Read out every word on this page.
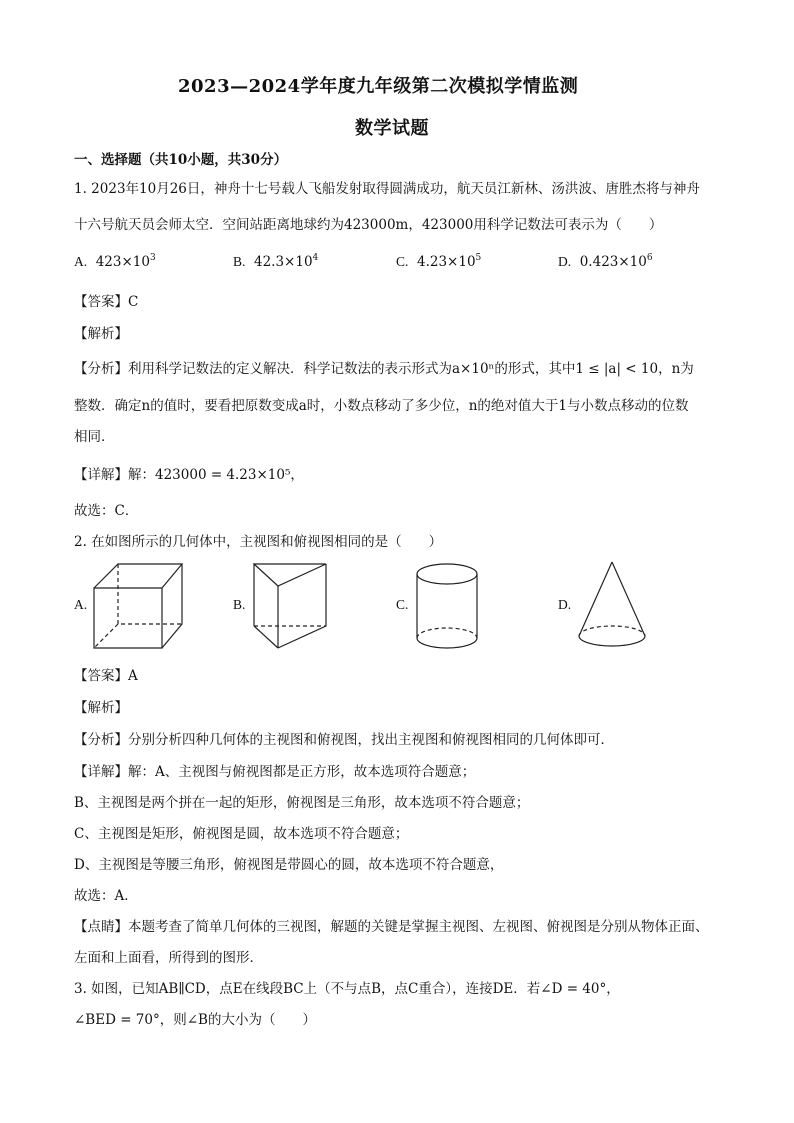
2023—2024学年度九年级第二次模拟学情监测
数学试题
一、选择题（共10小题，共30分）
1. 2023年10月26日，神舟十七号载人飞船发射取得圆满成功，航天员江新林、汤洪波、唐胜杰将与神舟
十六号航天员会师太空．空间站距离地球约为423000m，423000用科学记数法可表示为（　　）
A. $423\times 10^3$	B. $42.3\times 10^4$	C. $4.23\times 10^5$	D. $0.423\times 10^6$
【答案】C
【解析】
【分析】利用科学记数法的定义解决．科学记数法的表示形式为a×10ⁿ的形式，其中1 ≤ |a| < 10，n为
整数．确定n的值时，要看把原数变成a时，小数点移动了多少位，n的绝对值大于1与小数点移动的位数
相同．
【详解】解：423000 = 4.23×10⁵，
故选：C．
2. 在如图所示的几何体中，主视图和俯视图相同的是（　　）
A.	B.	C.	D.
【答案】A
【解析】
【分析】分别分析四种几何体的主视图和俯视图，找出主视图和俯视图相同的几何体即可．
【详解】解：A、主视图与俯视图都是正方形，故本选项符合题意；
B、主视图是两个拼在一起的矩形，俯视图是三角形，故本选项不符合题意；
C、主视图是矩形，俯视图是圆，故本选项不符合题意；
D、主视图是等腰三角形，俯视图是带圆心的圆，故本选项不符合题意，
故选：A．
【点睛】本题考查了简单几何体的三视图，解题的关键是掌握主视图、左视图、俯视图是分别从物体正面、
左面和上面看，所得到的图形．
3. 如图，已知AB∥CD，点E在线段BC上（不与点B，点C重合），连接DE．若∠D = 40°，
∠BED = 70°，则∠B的大小为（　　）
